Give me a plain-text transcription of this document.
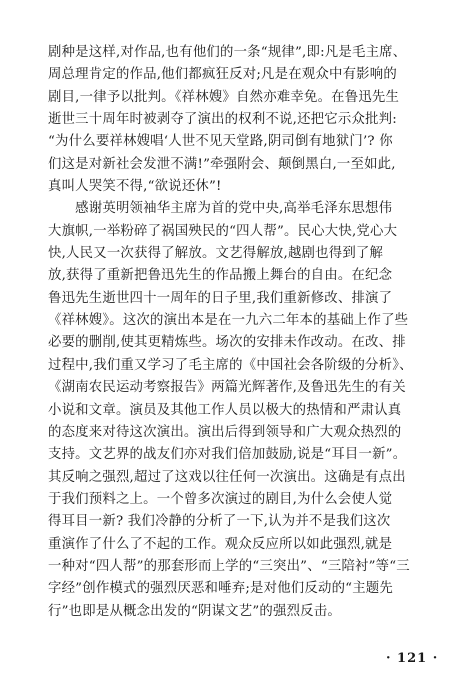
剧种是这样,对作品,也有他们的一条“规律”,即:凡是毛主席、
周总理肯定的作品,他们都疯狂反对;凡是在观众中有影响的
剧目,一律予以批判。《祥林嫂》自然亦难幸免。在鲁迅先生
逝世三十周年时被剥夺了演出的权利不说,还把它示众批判:
“为什么要祥林嫂唱‘人世不见天堂路,阴司倒有地狱门’? 你
们这是对新社会发泄不满!”牵强附会、颠倒黑白,一至如此,
真叫人哭笑不得,“欲说还休”!
　　感谢英明领袖华主席为首的党中央,高举毛泽东思想伟
大旗帜,一举粉碎了祸国殃民的“四人帮”。民心大快,党心大
快,人民又一次获得了解放。文艺得解放,越剧也得到了解
放,获得了重新把鲁迅先生的作品搬上舞台的自由。在纪念
鲁迅先生逝世四十一周年的日子里,我们重新修改、排演了
《祥林嫂》。这次的演出本是在一九六二年本的基础上作了些
必要的删削,使其更精炼些。场次的安排未作改动。在改、排
过程中,我们重又学习了毛主席的《中国社会各阶级的分析》、
《湖南农民运动考察报告》两篇光辉著作,及鲁迅先生的有关
小说和文章。演员及其他工作人员以极大的热情和严肃认真
的态度来对待这次演出。演出后得到领导和广大观众热烈的
支持。文艺界的战友们亦对我们倍加鼓励,说是“耳目一新”。
其反响之强烈,超过了这戏以往任何一次演出。这确是有点出
于我们预料之上。一个曾多次演过的剧目,为什么会使人觉
得耳目一新? 我们冷静的分析了一下,认为并不是我们这次
重演作了什么了不起的工作。观众反应所以如此强烈,就是
一种对“四人帮”的那套形而上学的“三突出”、“三陪衬”等“三
字经”创作模式的强烈厌恶和唾弃;是对他们反动的“主题先
行”也即是从概念出发的“阴谋文艺”的强烈反击。
· 121 ·
